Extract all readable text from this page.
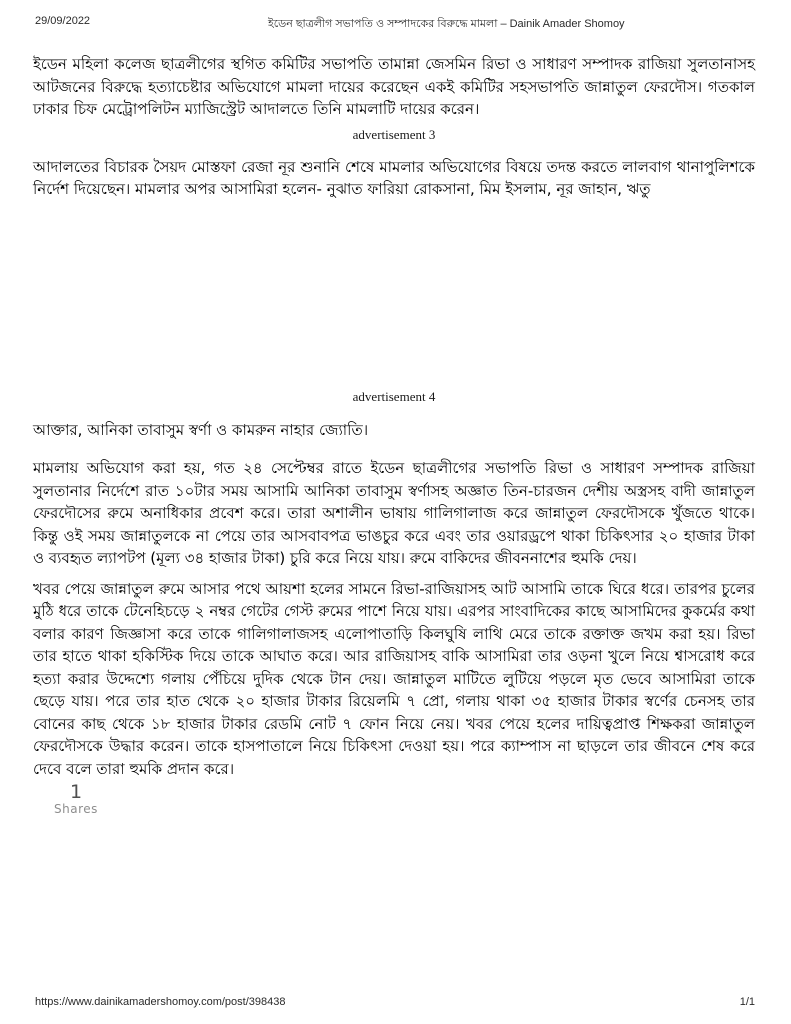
29/09/2022	ইডেন ছাত্রলীগ সভাপতি ও সম্পাদকের বিরুদ্ধে মামলা – Dainik Amader Shomoy

ইডেন মহিলা কলেজ ছাত্রলীগের স্থগিত কমিটির সভাপতি তামান্না জেসমিন রিভা ও সাধারণ সম্পাদক রাজিয়া সুলতানাসহ আটজনের বিরুদ্ধে হত্যাচেষ্টার অভিযোগে মামলা দায়ের করেছেন একই কমিটির সহসভাপতি জান্নাতুল ফেরদৌস। গতকাল ঢাকার চিফ মেট্রোপলিটন ম্যাজিস্ট্রেট আদালতে তিনি মামলাটি দায়ের করেন।

advertisement 3

আদালতের বিচারক সৈয়দ মোস্তফা রেজা নূর শুনানি শেষে মামলার অভিযোগের বিষয়ে তদন্ত করতে লালবাগ থানাপুলিশকে নির্দেশ দিয়েছেন। মামলার অপর আসামিরা হলেন- নুঝাত ফারিয়া রোকসানা, মিম ইসলাম, নূর জাহান, ঋতু

advertisement 4

আক্তার, আনিকা তাবাসুম স্বর্ণা ও কামরুন নাহার জ্যোতি।

মামলায় অভিযোগ করা হয়, গত ২৪ সেপ্টেম্বর রাতে ইডেন ছাত্রলীগের সভাপতি রিভা ও সাধারণ সম্পাদক রাজিয়া সুলতানার নির্দেশে রাত ১০টার সময় আসামি আনিকা তাবাসুম স্বর্ণাসহ অজ্ঞাত তিন-চারজন দেশীয় অস্ত্রসহ বাদী জান্নাতুল ফেরদৌসের রুমে অনাধিকার প্রবেশ করে। তারা অশালীন ভাষায় গালিগালাজ করে জান্নাতুল ফেরদৌসকে খুঁজতে থাকে। কিন্তু ওই সময় জান্নাতুলকে না পেয়ে তার আসবাবপত্র ভাঙচুর করে এবং তার ওয়ারড্রপে থাকা চিকিৎসার ২০ হাজার টাকা ও ব্যবহৃত ল্যাপটপ (মূল্য ৩৪ হাজার টাকা) চুরি করে নিয়ে যায়। রুমে বাকিদের জীবননাশের হুমকি দেয়।

খবর পেয়ে জান্নাতুল রুমে আসার পথে আয়শা হলের সামনে রিভা-রাজিয়াসহ আট আসামি তাকে ঘিরে ধরে। তারপর চুলের মুঠি ধরে তাকে টেনেহিচড়ে ২ নম্বর গেটের গেস্ট রুমের পাশে নিয়ে যায়। এরপর সাংবাদিকের কাছে আসামিদের কুকর্মের কথা বলার কারণ জিজ্ঞাসা করে তাকে গালিগালাজসহ এলোপাতাড়ি কিলঘুষি লাথি মেরে তাকে রক্তাক্ত জখম করা হয়। রিভা তার হাতে থাকা হকিস্টিক দিয়ে তাকে আঘাত করে। আর রাজিয়াসহ বাকি আসামিরা তার ওড়না খুলে নিয়ে শ্বাসরোধ করে হত্যা করার উদ্দেশ্যে গলায় পেঁচিয়ে দুদিক থেকে টান দেয়। জান্নাতুল মাটিতে লুটিয়ে পড়লে মৃত ভেবে আসামিরা তাকে ছেড়ে যায়। পরে তার হাত থেকে ২০ হাজার টাকার রিয়েলমি ৭ প্রো, গলায় থাকা ৩৫ হাজার টাকার স্বর্ণের চেনসহ তার বোনের কাছ থেকে ১৮ হাজার টাকার রেডমি নোট ৭ ফোন নিয়ে নেয়। খবর পেয়ে হলের দায়িত্বপ্রাপ্ত শিক্ষকরা জান্নাতুল ফেরদৌসকে উদ্ধার করেন। তাকে হাসপাতালে নিয়ে চিকিৎসা দেওয়া হয়। পরে ক্যাম্পাস না ছাড়লে তার জীবনে শেষ করে দেবে বলে তারা হুমকি প্রদান করে।

1
Shares
https://www.dainikamadershomoy.com/post/398438	1/1
